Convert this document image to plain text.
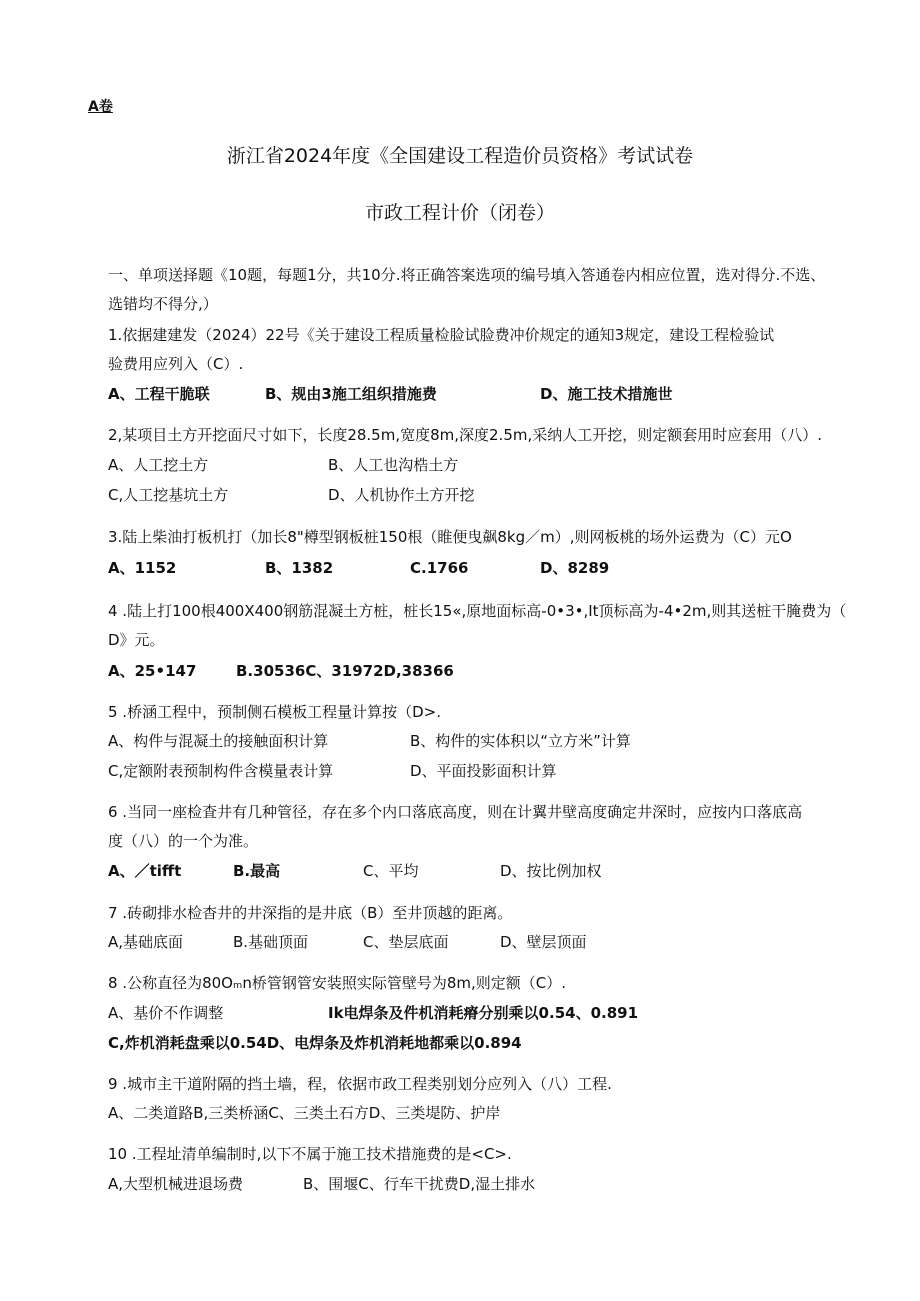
A卷
浙江省2024年度《全国建设工程造价员资格》考试试卷
市政工程计价（闭卷）
一、单项送择题《10题，每题1分，共10分.将正确答案选项的编号填入答通卷内相应位置，选对得分.不选、
选错均不得分,）
1.依据建建发（2024）22号《关于建设工程质量检脸试脸费冲价规定的通知3规定，建设工程检验试
验费用应列入（C）.
A、工程干脆联	B、规由3施工组织措施费	D、施工技术措施世
2,某项目土方开挖面尺寸如下，长度28.5m,宽度8m,深度2.5m,采纳人工开挖，则定额套用时应套用（八）.
A、人工挖土方	B、人工也沟梏土方
C,人工挖基坑土方	D、人机协作土方开挖
3.陆上柴油打板机打（加长8"樽型钢板桩150根（睢便曳飙8kg／m）,则网板桃的场外运费为（C）元O
A、1152	B、1382	C.1766	D、8289
4 .陆上打100根400X400钢筋混凝土方桩，桩长15«,原地面标高-0•3•,It顶标高为-4•2m,则其送桩干腌费为（
D》元。
A、25•147	B.30536C、31972D,38366
5 .桥涵工程中，预制侧石模板工程量计算按（D>.
A、构件与混凝土的接触面积计算	B、构件的实体积以“立方米”计算
C,定额附表预制构件含模量表计算	D、平面投影面积计算
6 .当同一座检査井有几种管径，存在多个内口落底高度，则在计翼井壁高度确定井深时，应按内口落底高
度（八）的一个为准。
A、／tifft	B.最高	C、平均	D、按比例加权
7 .砖砌排水检杳井的井深指的是井底（B）至井顶越的距离。
A,基础底面	B.基础顶面	C、垫层底面	D、壁层顶面
8 .公称直径为80Oₘn桥管钢管安装照实际管壁号为8m,则定额（C）.
A、基价不作调整	Ik电焊条及件机消耗瘠分别乘以0.54、0.891
C,炸机消耗盘乘以0.54D、电焊条及炸机消耗地都乘以0.894
9 .城市主干道附隔的挡土墙，程，依据市政工程类别划分应列入（八）工程.
A、二类道路B,三类桥涵C、三类土石方D、三类堤防、护岸
10 .工程址清单编制时,以下不属于施工技术措施费的是<C>.
A,大型机械进退场费	B、围堰C、行车干扰费D,湿土排水
